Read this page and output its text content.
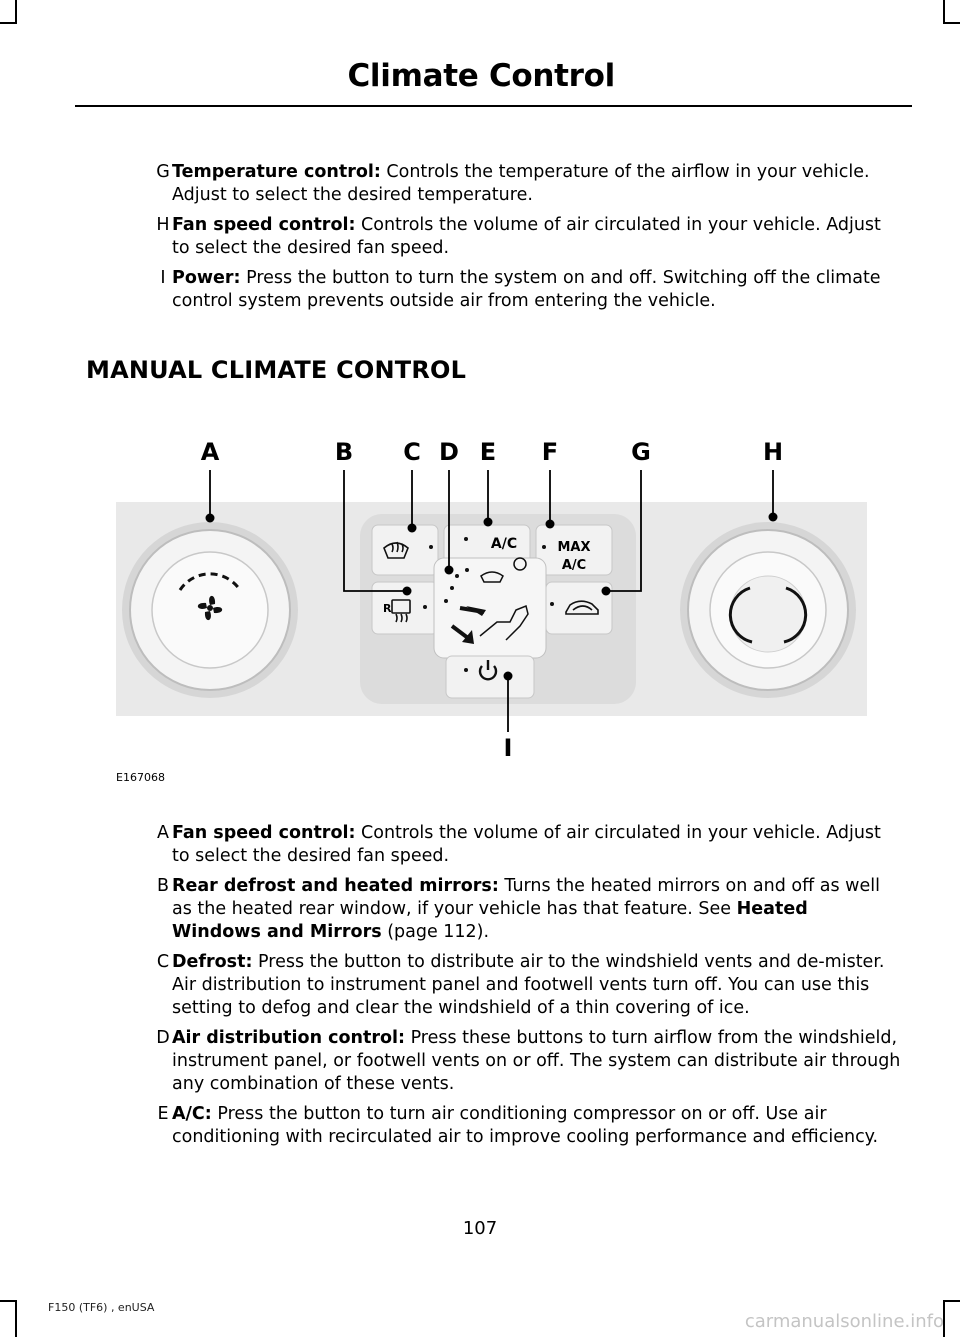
Climate Control
G Temperature control: Controls the temperature of the airflow in your vehicle. Adjust to select the desired temperature.
H Fan speed control: Controls the volume of air circulated in your vehicle. Adjust to select the desired fan speed.
I Power: Press the button to turn the system on and off. Switching off the climate control system prevents outside air from entering the vehicle.
MANUAL CLIMATE CONTROL
A	B C D E F	G	H
I
A/C	MAX
A/C
R
E167068
A Fan speed control: Controls the volume of air circulated in your vehicle. Adjust to select the desired fan speed.
B Rear defrost and heated mirrors: Turns the heated mirrors on and off as well as the heated rear window, if your vehicle has that feature. See Heated Windows and Mirrors (page 112).
C Defrost: Press the button to distribute air to the windshield vents and de-mister. Air distribution to instrument panel and footwell vents turn off. You can use this setting to defog and clear the windshield of a thin covering of ice.
D Air distribution control: Press these buttons to turn airflow from the windshield, instrument panel, or footwell vents on or off. The system can distribute air through any combination of these vents.
E A/C: Press the button to turn air conditioning compressor on or off. Use air conditioning with recirculated air to improve cooling performance and efficiency.
107
F150 (TF6) , enUSA
carmanualsonline.info
